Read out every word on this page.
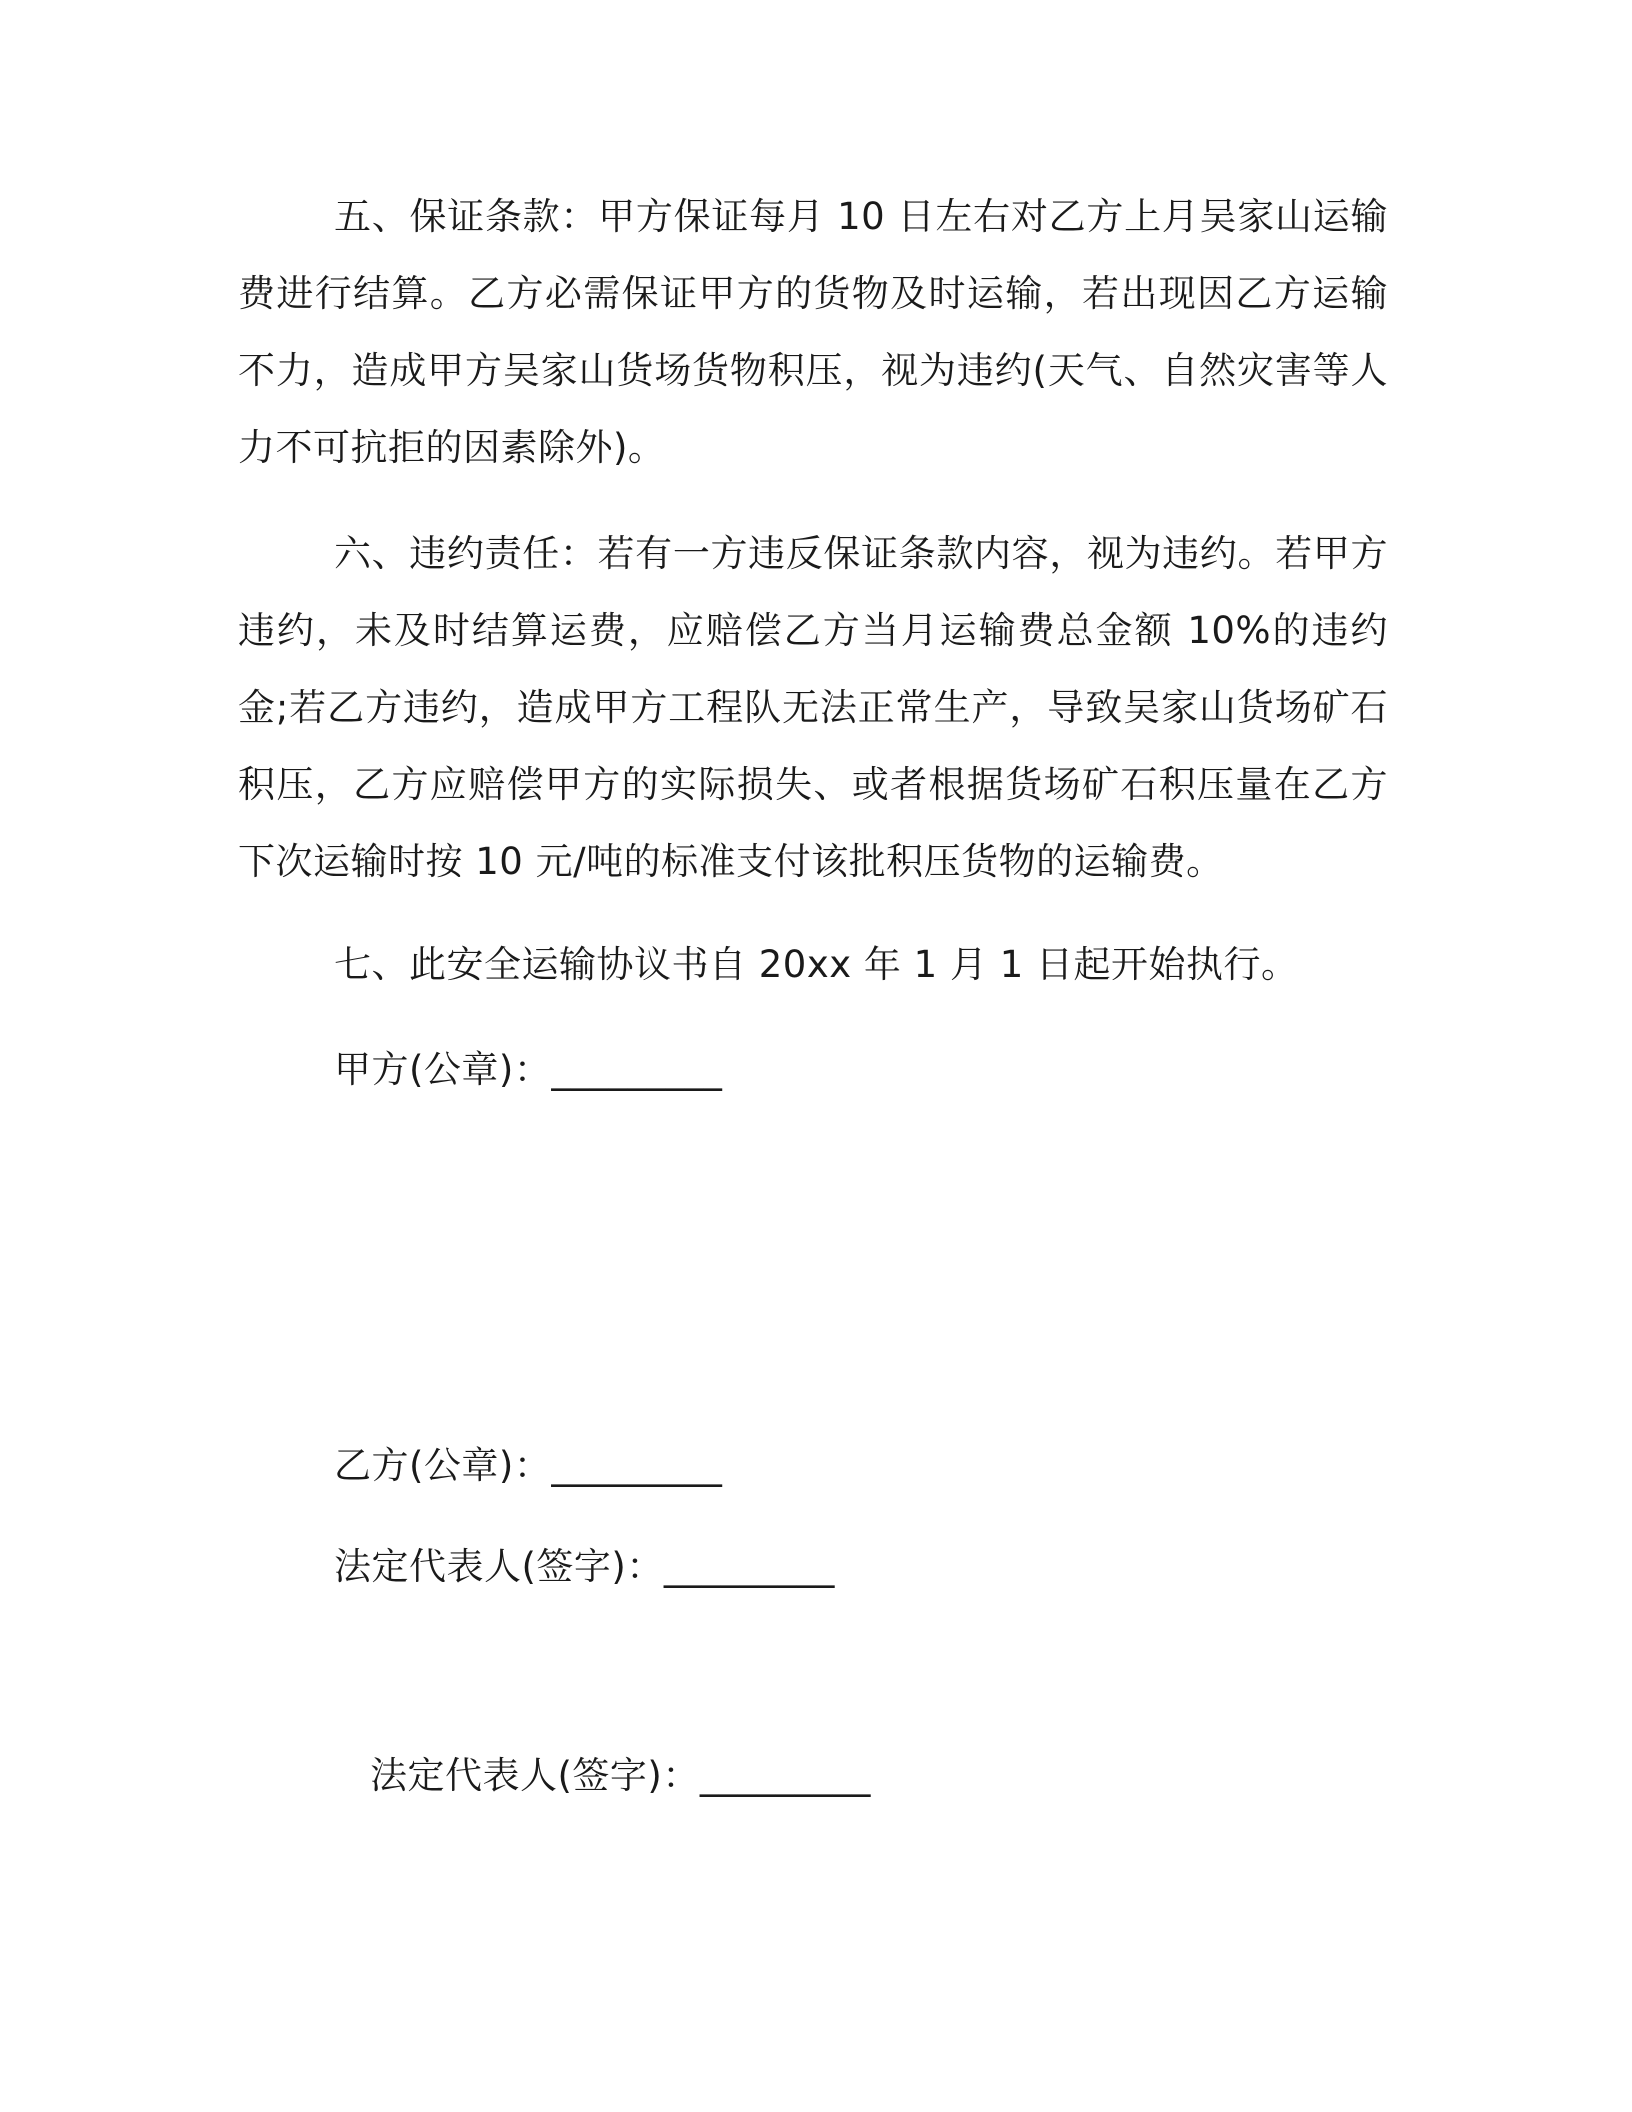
五、保证条款：甲方保证每月 10 日左右对乙方上月吴家山运输费进行结算。乙方必需保证甲方的货物及时运输，若出现因乙方运输不力，造成甲方吴家山货场货物积压，视为违约(天气、自然灾害等人力不可抗拒的因素除外)。

六、违约责任：若有一方违反保证条款内容，视为违约。若甲方违约，未及时结算运费，应赔偿乙方当月运输费总金额 10%的违约金;若乙方违约，造成甲方工程队无法正常生产，导致吴家山货场矿石积压，乙方应赔偿甲方的实际损失、或者根据货场矿石积压量在乙方下次运输时按 10 元/吨的标准支付该批积压货物的运输费。

七、此安全运输协议书自 20xx 年 1 月 1 日起开始执行。

甲方(公章)：_________
乙方(公章)：_________
法定代表人(签字)：_________
法定代表人(签字)：_________
